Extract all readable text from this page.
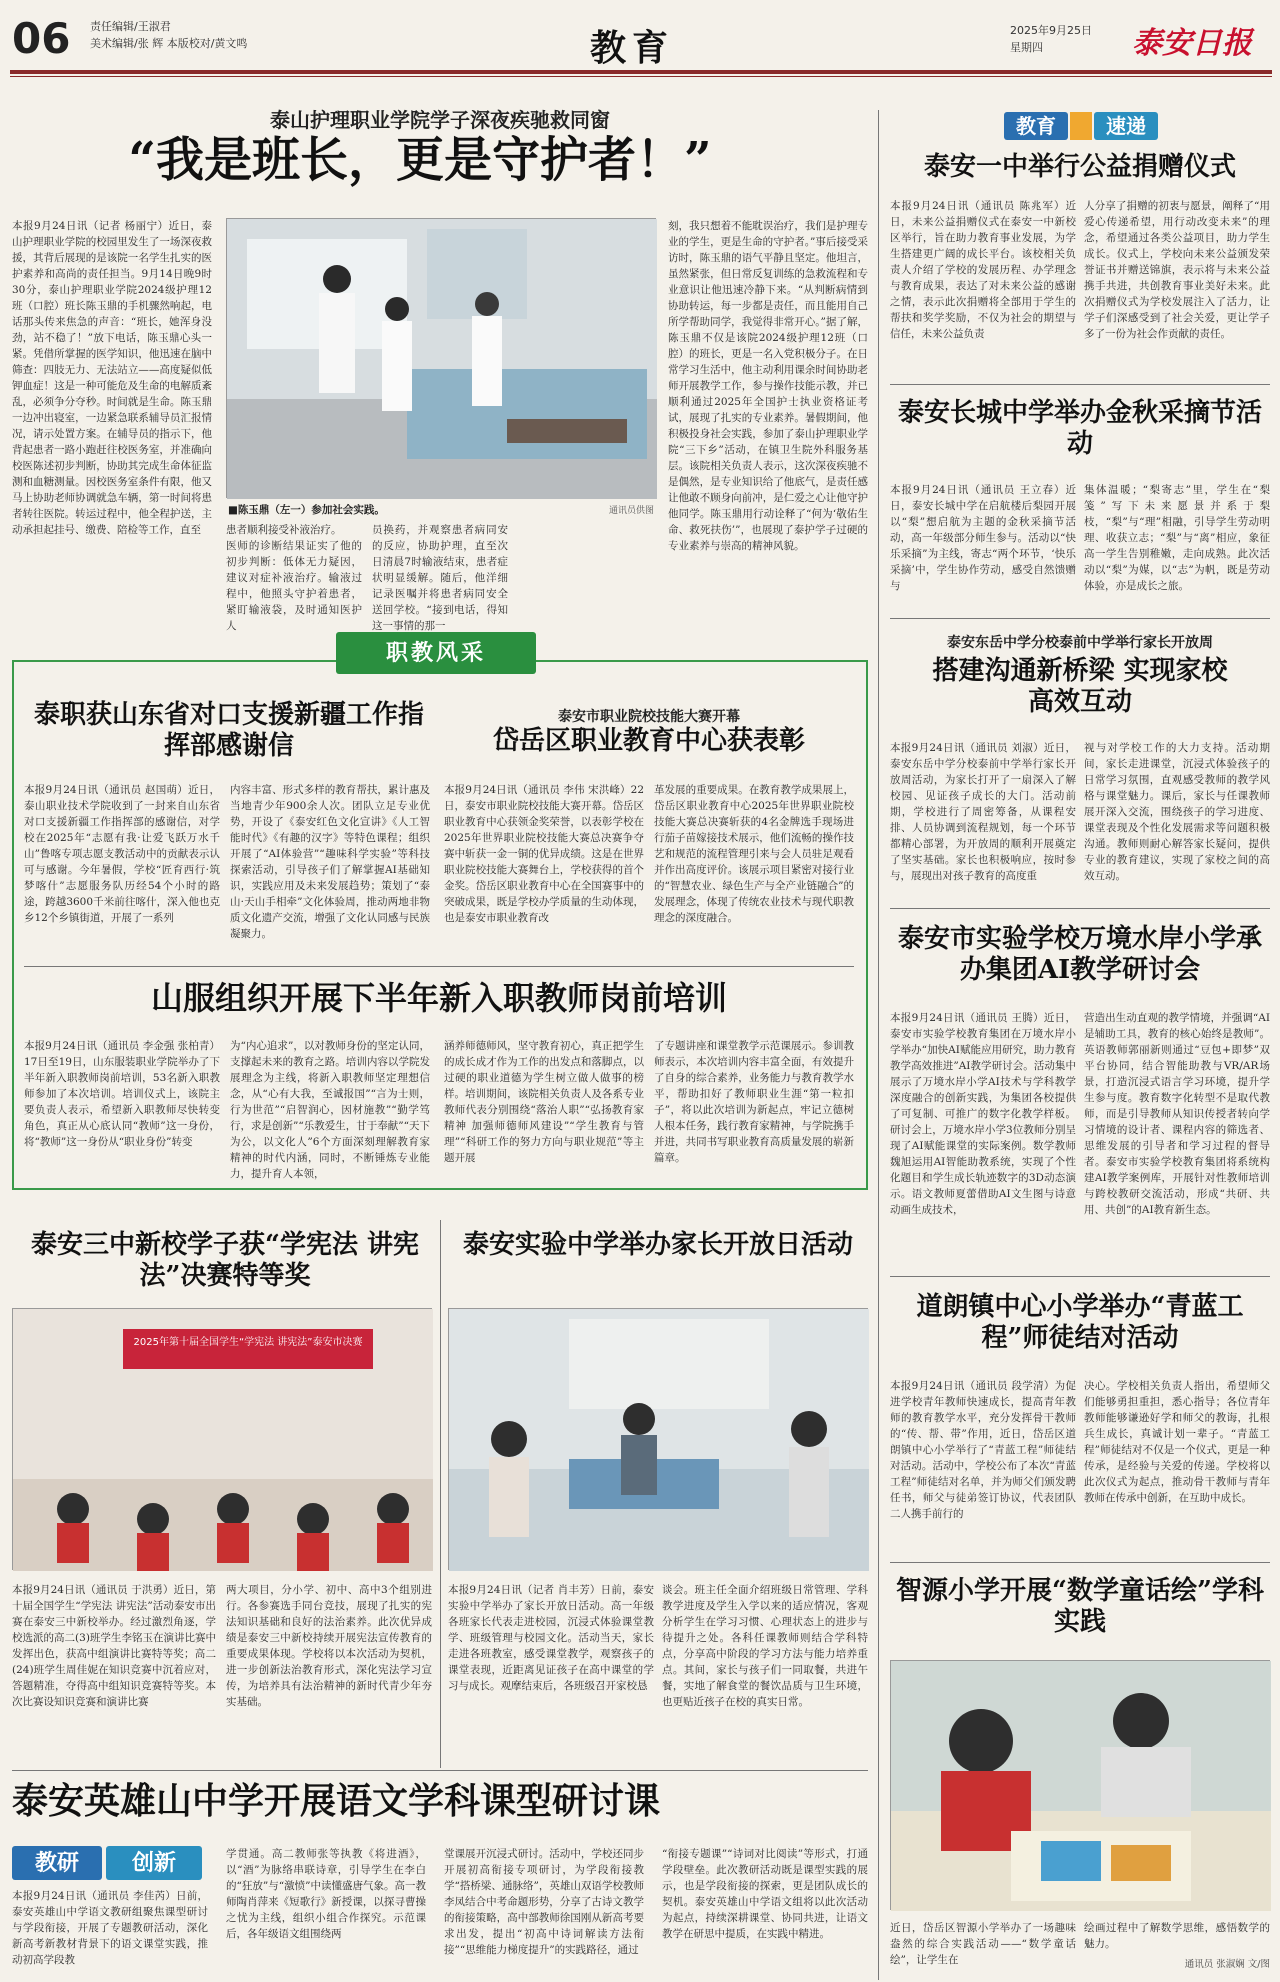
06 责任编辑/王淑君
美术编辑/张 辉 本版校对/黄文鸣	教育	2025年9月25日
星期四	泰安日报
泰山护理职业学院学子深夜疾驰救同窗
“我是班长，更是守护者！”
本报9月24日讯（记者 杨丽宁）近日，泰山护理职业学院的校园里发生了一场深夜救援，其背后展现的是该院一名学生扎实的医护素养和高尚的责任担当。9月14日晚9时30分，泰山护理职业学院2024级护理12班（口腔）班长陈玉鼎的手机骤然响起，电话那头传来焦急的声音：“班长，她浑身没劲，站不稳了！”放下电话，陈玉鼎心头一紧。凭借所掌握的医学知识，他迅速在脑中筛查：四肢无力、无法站立——高度疑似低钾血症！这是一种可能危及生命的电解质紊乱，必须争分夺秒。时间就是生命。陈玉鼎一边冲出寝室，一边紧急联系辅导员汇报情况，请示处置方案。在辅导员的指示下，他背起患者一路小跑赶往校医务室，并准确向校医陈述初步判断，协助其完成生命体征监测和血糖测量。因校医务室条件有限，他又马上协助老师协调就急车辆，第一时间将患者转往医院。转运过程中，他全程护送，主动承担起挂号、缴费、陪检等工作，直至
■陈玉鼎（左一）参加社会实践。	通讯员供图
患者顺利接受补液治疗。
医师的诊断结果证实了他的初步判断：低体无力疑因，建议对症补液治疗。输液过程中，他照头守护着患者，紧盯输液袋，及时通知医护人
员换药，并观察患者病同安的反应，协助护理，直至次日清晨7时输液结束，患者症状明显缓解。随后，他洋细记录医嘱并将患者病同安全送回学校。“接到电话，得知这一事情的那一
刻，我只想着不能耽误治疗，我们是护理专业的学生，更是生命的守护者。”事后接受采访时，陈玉鼎的语气平静且坚定。他坦言，虽然紧张，但日常反复训练的急救流程和专业意识让他迅速冷静下来。“从判断病情到协助转运，每一步都是责任，而且能用自己所学帮助同学，我觉得非常开心。”据了解，陈玉鼎不仅是该院2024级护理12班（口腔）的班长，更是一名入党积极分子。在日常学习生活中，他主动利用课余时间协助老师开展教学工作，参与操作技能示教，并已顺利通过2025年全国护士执业资格证考试，展现了扎实的专业素养。暑假期间，他积极投身社会实践，参加了泰山护理职业学院“三下乡”活动，在镇卫生院外科服务基层。该院相关负责人表示，这次深夜疾驰不是偶然，是专业知识给了他底气，是责任感让他敢不顾身向前冲，是仁爱之心让他守护他同学。陈玉鼎用行动诠释了“何为‘敬佑生命、救死扶伤’”，也展现了泰护学子过硬的专业素养与崇高的精神风貌。
教育	速递
泰安一中举行公益捐赠仪式
本报9月24日讯（通讯员 陈兆军）近日，未来公益捐赠仪式在泰安一中新校区举行，旨在助力教育事业发展，为学生搭建更广阔的成长平台。该校相关负责人介绍了学校的发展历程、办学理念与教育成果，表达了对未来公益的感谢之情，表示此次捐赠将全部用于学生的帮扶和奖学奖励，不仅为社会的期望与信任，未来公益负责
人分享了捐赠的初衷与愿景，阐释了“用爱心传递希望，用行动改变未来”的理念，希望通过各类公益项目，助力学生成长。仪式上，学校向未来公益颁发荣誉证书并赠送锦旗，表示将与未来公益携手共进，共创教育事业美好未来。此次捐赠仪式为学校发展注入了活力，让学子们深感受到了社会关爱，更让学子多了一份为社会作贡献的责任。
泰安长城中学举办金秋采摘节活动
本报9月24日讯（通讯员 王立春）近日，泰安长城中学在启航楼后梨园开展以“梨”想启航为主题的金秋采摘节活动，高一年级部分师生参与。活动以“快乐采摘”为主线，寄志“两个环节，‘快乐采摘’中，学生协作劳动，感受自然馈赠与
集体温暖；“梨寄志”里，学生在“梨笺”写下未来愿景并系于梨枝，“梨”与“理”相融，引导学生劳动明理、收获立志；“梨”与“离”相应，象征高一学生告别稚嫩，走向成熟。此次活动以“梨”为媒，以“志”为帆，既是劳动体验，亦是成长之旅。
泰安东岳中学分校泰前中学举行家长开放周
搭建沟通新桥梁 实现家校高效互动
本报9月24日讯（通讯员 刘淑）近日，泰安东岳中学分校泰前中学举行家长开放周活动，为家长打开了一扇深入了解校园、见证孩子成长的大门。活动前期，学校进行了周密筹备，从课程安排、人员协调到流程规划，每一个环节都精心部署，为开放周的顺利开展奠定了坚实基础。家长也积极响应，按时参与，展现出对孩子教育的高度重
视与对学校工作的大力支持。活动期间，家长走进课堂，沉浸式体验孩子的日常学习氛围，直观感受教师的教学风格与课堂魅力。课后，家长与任课教师展开深入交流，围绕孩子的学习进度、课堂表现及个性化发展需求等问题积极沟通。教师则耐心解答家长疑问，提供专业的教育建议，实现了家校之间的高效互动。
泰安市实验学校万境水岸小学承办集团AI教学研讨会
本报9月24日讯（通讯员 王腾）近日，泰安市实验学校教育集团在万境水岸小学举办“加快AI赋能应用研究，助力教育教学高效推进”AI教学研讨会。活动集中展示了万境水岸小学AI技术与学科教学深度融合的创新实践，为集团各校提供了可复制、可推广的数字化教学样板。研讨会上，万境水岸小学3位教师分别呈现了AI赋能课堂的实际案例。数学教师魏旭运用AI智能助教系统，实现了个性化题目和学生成长轨迹数字的3D动态演示。语文教师夏蕾借助AI文生图与诗意动画生成技术，
营造出生动直观的教学情境，并强调“AI是辅助工具，教育的核心始终是教师”。英语教师郭丽新则通过“豆包+即梦”双平台协同，结合智能助教与VR/AR场景，打造沉浸式语言学习环境，提升学生参与度。教育数字化转型不是取代教师，而是引导教师从知识传授者转向学习情境的设计者、课程内容的筛选者、思维发展的引导者和学习过程的督导者。泰安市实验学校教育集团将系统构建AI教学案例库，开展针对性教师培训与跨校教研交流活动，形成“共研、共用、共创”的AI教育新生态。
道朗镇中心小学举办“青蓝工程”师徒结对活动
本报9月24日讯（通讯员 段学清）为促进学校青年教师快速成长，提高青年教师的教育教学水平，充分发挥骨干教师的“传、帮、带”作用，近日，岱岳区道朗镇中心小学举行了“青蓝工程”师徒结对活动。活动中，学校公布了本次“青蓝工程”师徒结对名单，并为师父们颁发聘任书，师父与徒弟签订协议，代表团队二人携手前行的
决心。学校相关负责人指出，希望师父们能够勇担重担，悉心指导；各位青年教师能够谦逊好学和师父的教诲，扎根兵生成长，真诚计划一辈子。“青蓝工程”师徒结对不仅是一个仪式，更是一种传承，是经验与关爱的传递。学校将以此次仪式为起点，推动骨干教师与青年教师在传承中创新，在互助中成长。
智源小学开展“数学童话绘”学科实践
近日，岱岳区智源小学举办了一场趣味盎然的综合实践活动——“数学童话绘”，让学生在
绘画过程中了解数学思维，感悟数学的魅力。
通讯员 张淑娴 文/图
职教风采
泰职获山东省对口支援新疆工作指挥部感谢信
本报9月24日讯（通讯员 赵国萌）近日，泰山职业技术学院收到了一封来自山东省对口支援新疆工作指挥部的感谢信，对学校在2025年“志愿有我·让爱飞跃万水千山”鲁喀专项志愿支教活动中的贡献表示认可与感谢。今年暑假，学校“匠育西行·筑梦喀什”志愿服务队历经54个小时的路途，跨越3600千米前往喀什，深入他也克乡12个乡镇街道，开展了一系列
内容丰富、形式多样的教育帮扶，累计惠及当地青少年900余人次。团队立足专业优势，开设了《泰安红色文化宣讲》《人工智能时代》《有趣的汉字》等特色课程；组织开展了“AI体验营”“趣味科学实验”等科技探索活动，引导孩子们了解掌握AI基础知识，实践应用及未来发展趋势；策划了“泰山·天山手相牵”文化体验周，推动两地非物质文化遗产交流，增强了文化认同感与民族凝聚力。
泰安市职业院校技能大赛开幕
岱岳区职业教育中心获表彰
本报9月24日讯（通讯员 李伟 宋洪峰）22日，泰安市职业院校技能大赛开幕。岱岳区职业教育中心获领金奖荣誉，以表彰学校在2025年世界职业院校技能大赛总决赛争夺赛中斩获一金一铜的优异成绩。这是在世界职业院校技能大赛舞台上，学校获得的首个金奖。岱岳区职业教育中心在全国赛事中的突破成果，既是学校办学质量的生动体现，也是泰安市职业教育改
革发展的重要成果。在教育教学成果展上，岱岳区职业教育中心2025年世界职业院校技能大赛总决赛斩获的4名金牌选手现场进行茄子苗嫁接技术展示，他们流畅的操作技艺和规范的流程管理引来与会人员驻足观看并作出高度评价。该展示项目紧密对接行业的“智慧农业、绿色生产与全产业链融合”的发展理念，体现了传统农业技术与现代职教理念的深度融合。
山服组织开展下半年新入职教师岗前培训
本报9月24日讯（通讯员 李金强 张柏青）17日至19日，山东服装职业学院举办了下半年新入职教师岗前培训，53名新入职教师参加了本次培训。培训仪式上，该院主要负责人表示，希望新入职教师尽快转变角色，真正从心底认同“教师”这一身份，将“教师”这一身份从“职业身份”转变
为“内心追求”，以对教师身份的坚定认同，支撑起未来的教育之路。培训内容以学院发展理念为主线，将新入职教师坚定理想信念，从“心有大我，至诚报国”“言为士则，行为世范”“启智润心，因材施教”“勤学笃行，求是创新”“乐教爱生，甘于奉献”“天下为公，以文化人”6个方面深刻理解教育家精神的时代内涵，同时，不断锤炼专业能力，提升育人本领，
涵养师德师风，坚守教育初心，真正把学生的成长成才作为工作的出发点和落脚点，以过硬的职业道德为学生树立做人做事的榜样。培训期间，该院相关负责人及各系专业教师代表分别围绕“落治人职”“弘扬教育家精神 加强师德师风建设”“学生教育与管理”“科研工作的努力方向与职业规范”等主题开展
了专题讲座和课堂教学示范课展示。参训教师表示，本次培训内容丰富全面，有效提升了自身的综合素养，业务能力与教育教学水平，帮助扣好了教师职业生涯“第一粒扣子”，将以此次培训为新起点，牢记立德树人根本任务，践行教育家精神，与学院携手并进，共同书写职业教育高质量发展的崭新篇章。
泰安三中新校学子获“学宪法 讲宪法”决赛特等奖
2025年第十届全国学生“学宪法 讲宪法”泰安市决赛
本报9月24日讯（通讯员 于洪勇）近日，第十届全国学生“学宪法 讲宪法”活动泰安市出赛在泰安三中新校举办。经过激烈角逐，学校选派的高二(3)班学生李铭玉在演讲比赛中发挥出色，获高中组演讲比赛特等奖；高二(24)班学生周佳妮在知识竞赛中沉着应对，答题精准，夺得高中组知识竞赛特等奖。本次比赛设知识竞赛和演讲比赛
两大项目，分小学、初中、高中3个组别进行。各参赛选手同台竞技，展现了扎实的宪法知识基础和良好的法治素养。此次优异成绩是泰安三中新校持续开展宪法宣传教育的重要成果体现。学校将以本次活动为契机，进一步创新法治教育形式，深化宪法学习宣传，为培养具有法治精神的新时代青少年夯实基础。
泰安实验中学举办家长开放日活动
本报9月24日讯（记者 肖丰芳）日前，泰安实验中学举办了家长开放日活动。高一年级各班家长代表走进校园，沉浸式体验课堂教学、班级管理与校园文化。活动当天，家长走进各班教室，感受课堂教学，观察孩子的课堂表现，近距离见证孩子在高中课堂的学习与成长。观摩结束后，各班级召开家校恳
谈会。班主任全面介绍班级日常管理、学科教学进度及学生入学以来的适应情况，客观分析学生在学习习惯、心理状态上的进步与待提升之处。各科任课教师则结合学科特点，分享高中阶段的学习方法与能力培养重点。其间，家长与孩子们一同取餐，共进午餐，实地了解食堂的餐饮品质与卫生环境，也更贴近孩子在校的真实日常。
泰安英雄山中学开展语文学科课型研讨课
教研	创新
本报9月24日讯（通讯员 李佳芮）日前，泰安英雄山中学语文教研组聚焦课型研讨与学段衔接，开展了专题教研活动，深化新高考新教材背景下的语文课堂实践，推动初高学段教
学贯通。高二教师张等执教《将进酒》，以“酒”为脉络串联诗章，引导学生在李白的“狂放”与“激愤”中读懂盛唐气象。高一教师陶肖萍来《短歌行》新授课，以探寻曹操之忧为主线，组织小组合作探究。示范课后，各年级语文组围绕两
堂课展开沉浸式研讨。活动中，学校还同步开展初高衔接专项研讨，为学段衔接教学“搭桥梁、通脉络”，英雄山双语学校教师李凤结合中考命题形势，分享了古诗文教学的衔接策略，高中部教师徐国刚从新高考要求出发，提出“初高中诗词解读方法衔接”“思维能力梯度提升”的实践路径，通过
“衔接专题课”“诗词对比阅读”等形式，打通学段壁垒。此次教研活动既是课型实践的展示，也是学段衔接的探索，更是团队成长的契机。泰安英雄山中学语文组将以此次活动为起点，持续深耕课堂、协同共进，让语文教学在研思中提质，在实践中精进。
